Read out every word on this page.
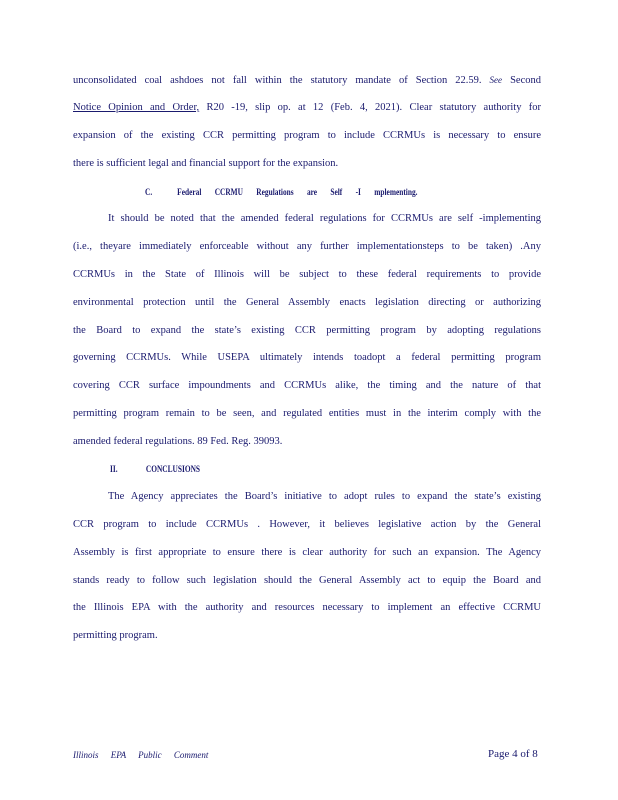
unconsolidated coal ashdoes not fall within the statutory mandate of Section 22.59. See Second
Notice Opinion and Order, R20 -19, slip op. at 12 (Feb. 4, 2021). Clear statutory authority for
expansion of the existing CCR permitting program to include CCRMUs is necessary to ensure
there is sufficient legal and financial support for the expansion.
C.	Federal CCRMU Regulations are Self -I mplementing.
It should be noted that the amended federal regulations for CCRMUs are self -implementing
(i.e., theyare immediately enforceable without any further implementationsteps to be taken) .Any
CCRMUs in the State of Illinois will be subject to these federal requirements to provide
environmental protection until the General Assembly enacts legislation directing or authorizing
the Board to expand the state’s existing CCR permitting program by adopting regulations
governing CCRMUs. While USEPA ultimately intends toadopt a federal permitting program
covering CCR surface impoundments and CCRMUs alike, the timing and the nature of that
permitting program remain to be seen, and regulated entities must in the interim comply with the
amended federal regulations. 89 Fed. Reg. 39093.
II.	CONCLUSIONS
The Agency appreciates the Board’s initiative to adopt rules to expand the state’s existing
CCR program to include CCRMUs . However, it believes legislative action by the General
Assembly is first appropriate to ensure there is clear authority for such an expansion. The Agency
stands ready to follow such legislation should the General Assembly act to equip the Board and
the Illinois EPA with the authority and resources necessary to implement an effective CCRMU
permitting program.
Illinois EPA Public Comment	Page 4 of 8
